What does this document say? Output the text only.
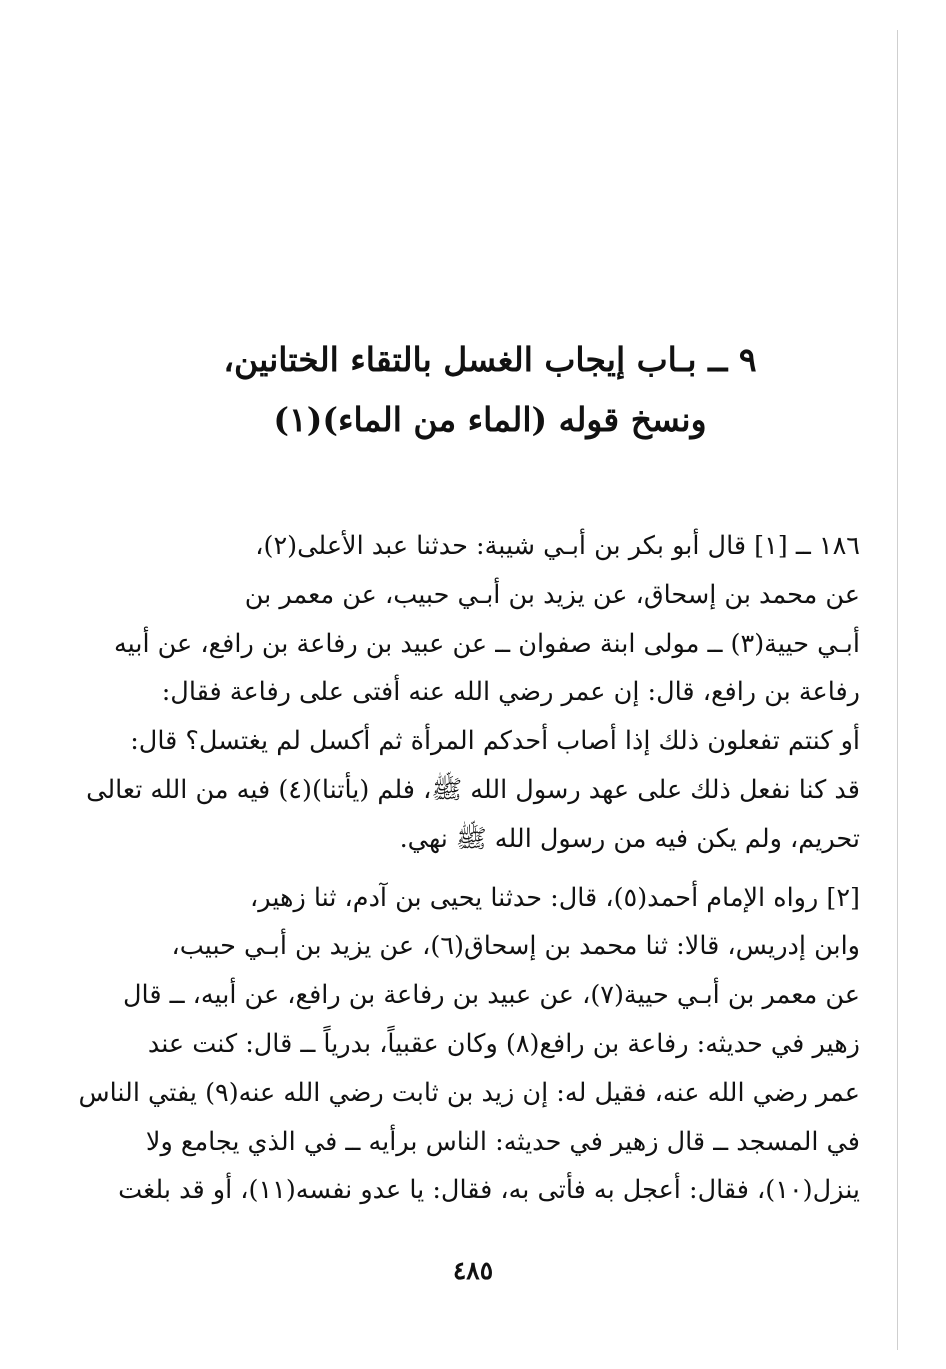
٩ ــ بـاب إيجاب الغسل بالتقاء الختانين،
ونسخ قوله (الماء من الماء)(١)
١٨٦ ــ [١] قال أبو بكر بن أبـي شيبة: حدثنا عبد الأعلى(٢)،
عن محمد بن إسحاق، عن يزيد بن أبـي حبيب، عن معمر بن
أبـي حيية(٣) ــ مولى ابنة صفوان ــ عن عبيد بن رفاعة بن رافع، عن أبيه
رفاعة بن رافع، قال: إن عمر رضي الله عنه أفتى على رفاعة فقال:
أو كنتم تفعلون ذلك إذا أصاب أحدكم المرأة ثم أكسل لم يغتسل؟ قال:
قد كنا نفعل ذلك على عهد رسول الله ﷺ، فلم (يأتنا)(٤) فيه من الله تعالى
تحريم، ولم يكن فيه من رسول الله ﷺ نهي.
[٢] رواه الإمام أحمد(٥)، قال: حدثنا يحيى بن آدم، ثنا زهير،
وابن إدريس، قالا: ثنا محمد بن إسحاق(٦)، عن يزيد بن أبـي حبيب،
عن معمر بن أبـي حيية(٧)، عن عبيد بن رفاعة بن رافع، عن أبيه، ــ قال
زهير في حديثه: رفاعة بن رافع(٨) وكان عقبياً، بدرياً ــ قال: كنت عند
عمر رضي الله عنه، فقيل له: إن زيد بن ثابت رضي الله عنه(٩) يفتي الناس
في المسجد ــ قال زهير في حديثه: الناس برأيه ــ في الذي يجامع ولا
ينزل(١٠)، فقال: أعجل به فأتى به، فقال: يا عدو نفسه(١١)، أو قد بلغت
٤٨٥
